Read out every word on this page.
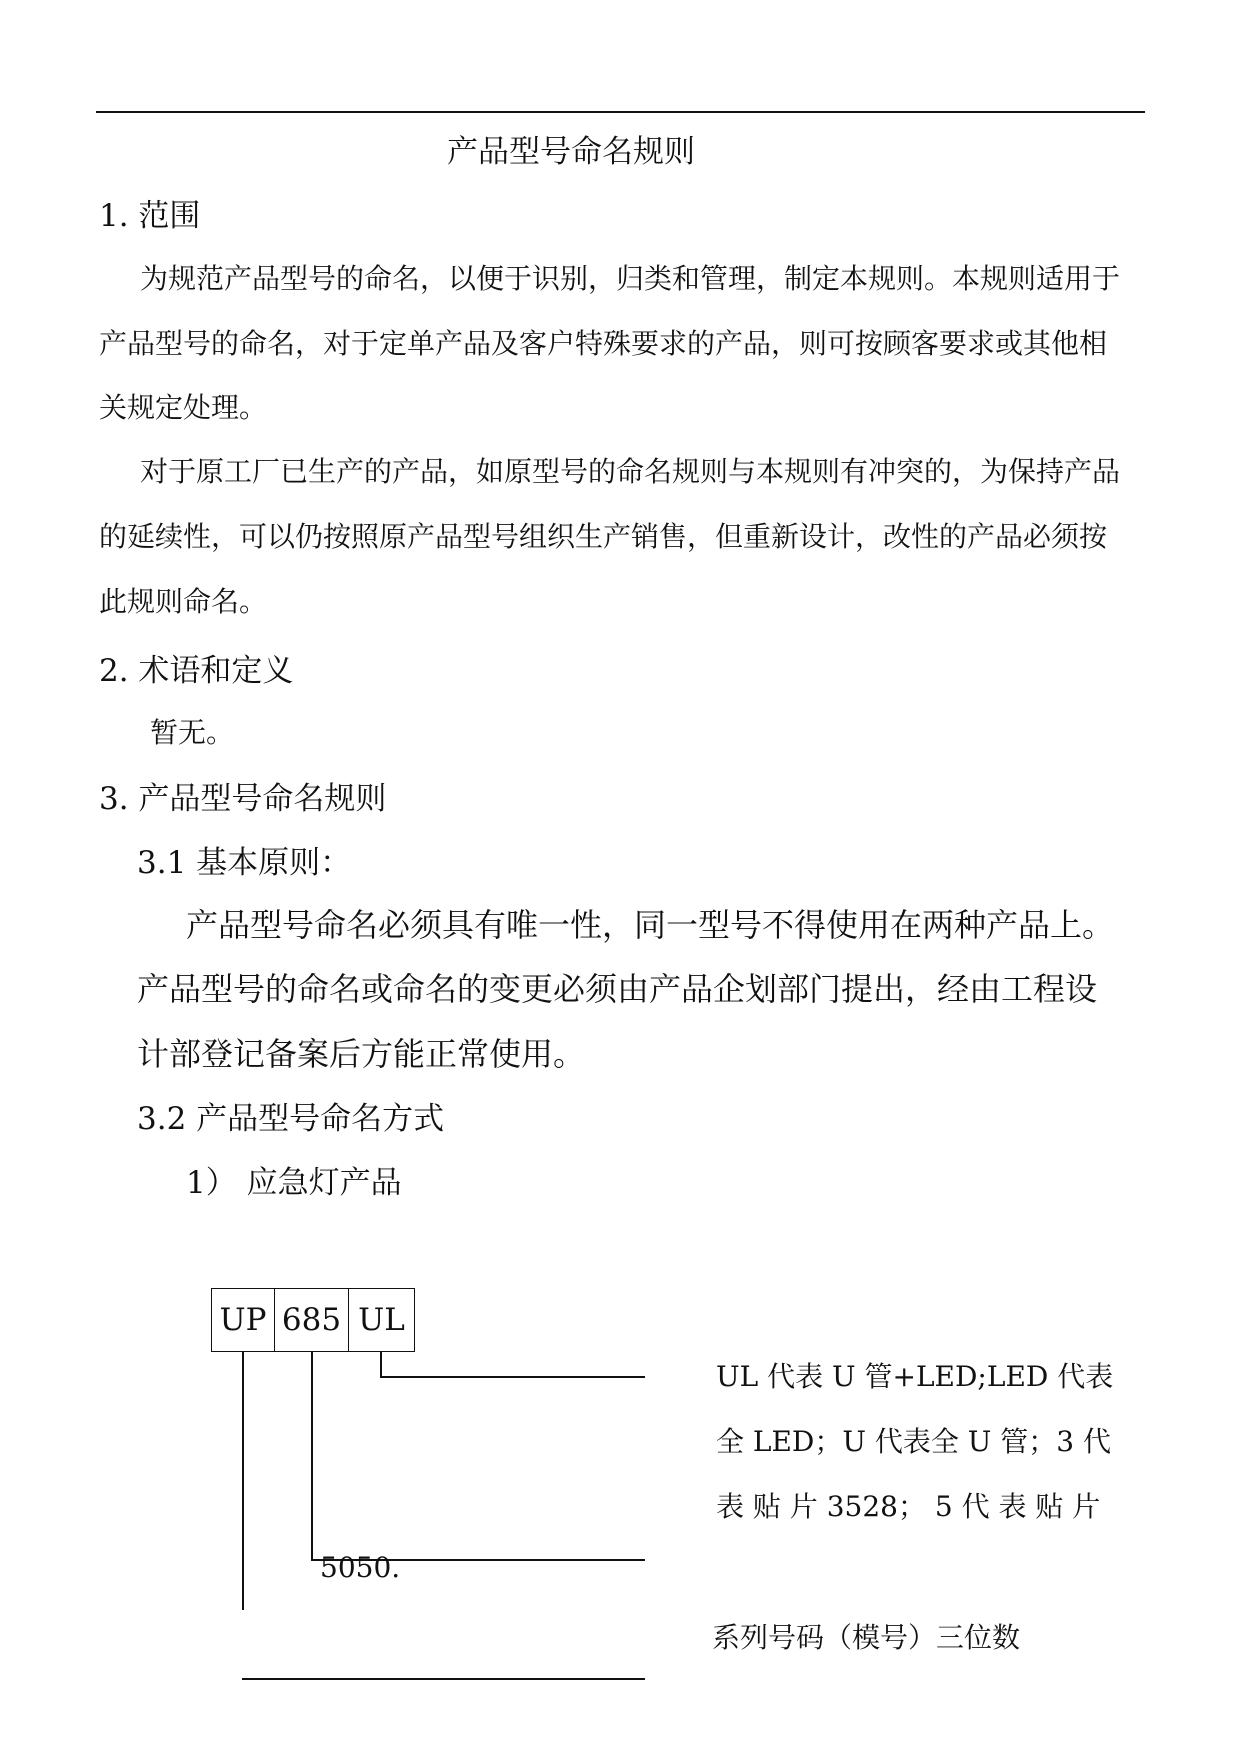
产品型号命名规则
1. 范围
为规范产品型号的命名，以便于识别，归类和管理，制定本规则。本规则适用于
产品型号的命名，对于定单产品及客户特殊要求的产品，则可按顾客要求或其他相
关规定处理。
对于原工厂已生产的产品，如原型号的命名规则与本规则有冲突的，为保持产品
的延续性，可以仍按照原产品型号组织生产销售，但重新设计，改性的产品必须按
此规则命名。
2. 术语和定义
暂无。
3. 产品型号命名规则
3.1 基本原则：
产品型号命名必须具有唯一性，同一型号不得使用在两种产品上。
产品型号的命名或命名的变更必须由产品企划部门提出，经由工程设
计部登记备案后方能正常使用。
3.2 产品型号命名方式
1） 应急灯产品
UP 685 UL
UL 代表 U 管+LED;LED 代表
全 LED；U 代表全 U 管；3 代
表 贴 片 3528； 5 代 表 贴 片
5050.
系列号码（模号）三位数
